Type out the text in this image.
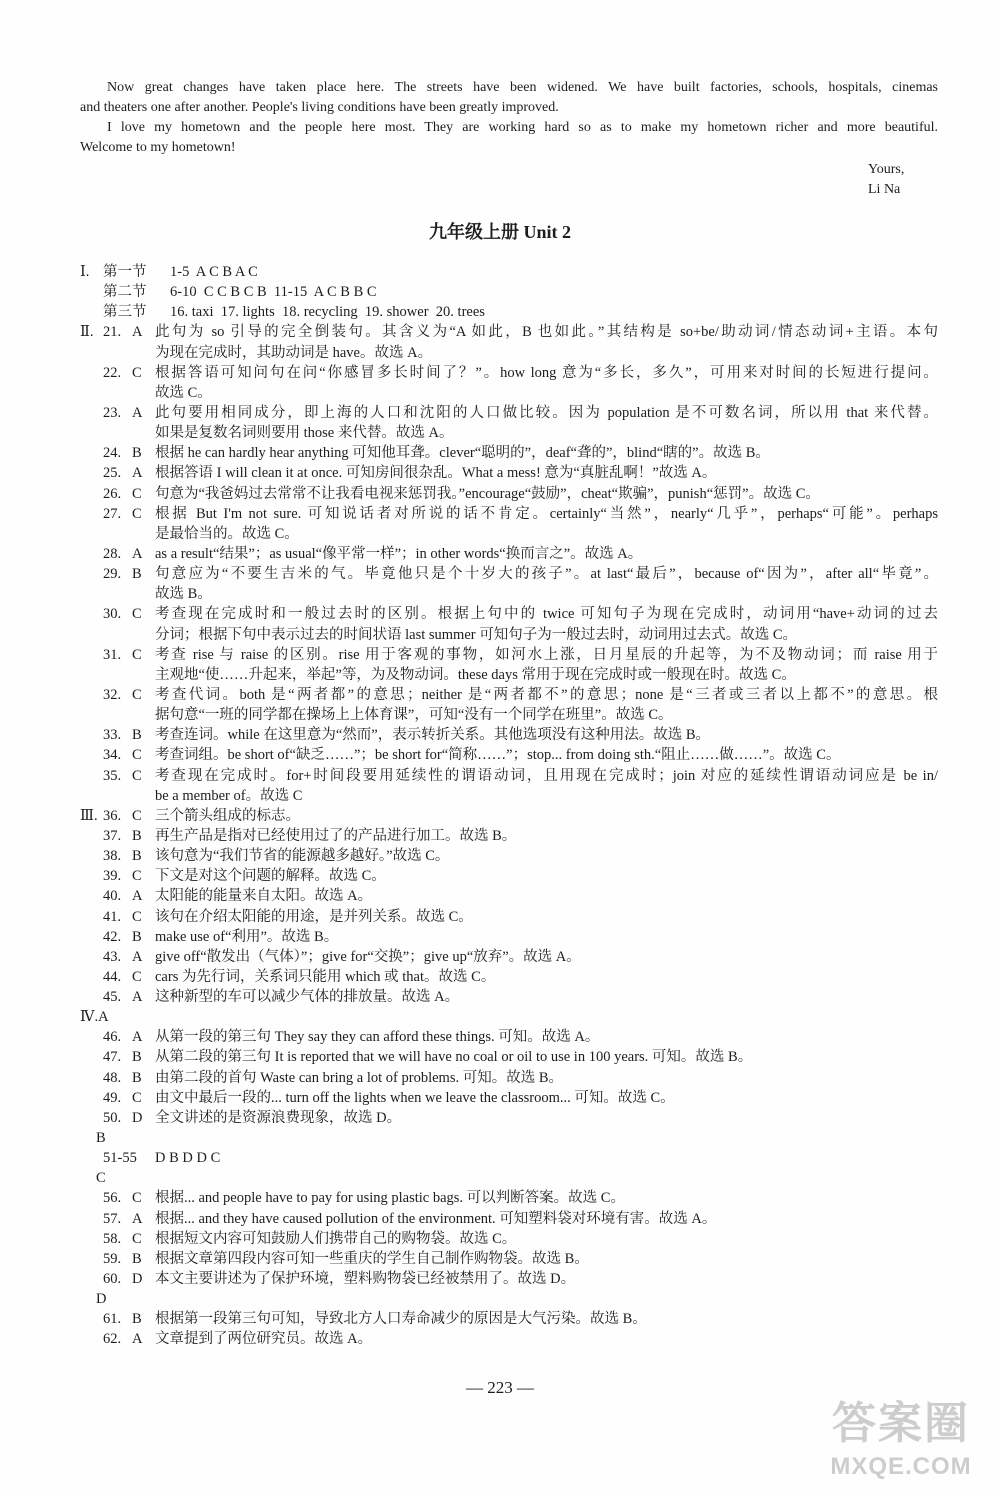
Now great changes have taken place here. The streets have been widened. We have built factories, schools, hospitals, cinemas
and theaters one after another. People's living conditions have been greatly improved.
I love my hometown and the people here most. They are working hard so as to make my hometown richer and more beautiful.
Welcome to my hometown!
Yours,
Li Na
九年级上册 Unit 2
Ⅰ. 第一节 1-5  A C B A C
第二节 6-10  C C B C B  11-15  A C B B C
第三节 16. taxi  17. lights  18. recycling  19. shower  20. trees
Ⅱ. 21. A 此句为 so 引导的完全倒装句。其含义为“A 如此，B 也如此。”其结构是 so+be/助动词/情态动词+主语。本句
为现在完成时，其助动词是 have。故选 A。
22. C 根据答语可知问句在问“你感冒多长时间了？”。how long 意为“多长，多久”，可用来对时间的长短进行提问。
故选 C。
23. A 此句要用相同成分，即上海的人口和沈阳的人口做比较。因为 population 是不可数名词，所以用 that 来代替。
如果是复数名词则要用 those 来代替。故选 A。
24. B 根据 he can hardly hear anything 可知他耳聋。clever“聪明的”，deaf“聋的”，blind“瞎的”。故选 B。
25. A 根据答语 I will clean it at once. 可知房间很杂乱。What a mess! 意为“真脏乱啊！”故选 A。
26. C 句意为“我爸妈过去常常不让我看电视来惩罚我。”encourage“鼓励”，cheat“欺骗”，punish“惩罚”。故选 C。
27. C 根据 But I'm not sure. 可知说话者对所说的话不肯定。certainly“当然”，nearly“几乎”，perhaps“可能”。perhaps
是最恰当的。故选 C。
28. A as a result“结果”；as usual“像平常一样”；in other words“换而言之”。故选 A。
29. B 句意应为“不要生吉米的气。毕竟他只是个十岁大的孩子”。at last“最后”，because of“因为”，after all“毕竟”。
故选 B。
30. C 考查现在完成时和一般过去时的区别。根据上句中的 twice 可知句子为现在完成时，动词用“have+动词的过去
分词；根据下句中表示过去的时间状语 last summer 可知句子为一般过去时，动词用过去式。故选 C。
31. C 考查 rise 与 raise 的区别。rise 用于客观的事物，如河水上涨，日月星辰的升起等，为不及物动词；而 raise 用于
主观地“使……升起来，举起”等，为及物动词。these days 常用于现在完成时或一般现在时。故选 C。
32. C 考查代词。both 是“两者都”的意思；neither 是“两者都不”的意思；none 是“三者或三者以上都不”的意思。根
据句意“一班的同学都在操场上上体育课”，可知“没有一个同学在班里”。故选 C。
33. B 考查连词。while 在这里意为“然而”，表示转折关系。其他选项没有这种用法。故选 B。
34. C 考查词组。be short of“缺乏……”；be short for“简称……”；stop... from doing sth.“阻止……做……”。故选 C。
35. C 考查现在完成时。for+时间段要用延续性的谓语动词，且用现在完成时；join 对应的延续性谓语动词应是 be in/
be a member of。故选 C
Ⅲ. 36. C 三个箭头组成的标志。
37. B 再生产品是指对已经使用过了的产品进行加工。故选 B。
38. B 该句意为“我们节省的能源越多越好。”故选 C。
39. C 下文是对这个问题的解释。故选 C。
40. A 太阳能的能量来自太阳。故选 A。
41. C 该句在介绍太阳能的用途，是并列关系。故选 C。
42. B make use of“利用”。故选 B。
43. A give off“散发出（气体）”；give for“交换”；give up“放弃”。故选 A。
44. C cars 为先行词，关系词只能用 which 或 that。故选 C。
45. A 这种新型的车可以减少气体的排放量。故选 A。
Ⅳ.A
46. A 从第一段的第三句 They say they can afford these things. 可知。故选 A。
47. B 从第二段的第三句 It is reported that we will have no coal or oil to use in 100 years. 可知。故选 B。
48. B 由第二段的首句 Waste can bring a lot of problems. 可知。故选 B。
49. C 由文中最后一段的... turn off the lights when we leave the classroom... 可知。故选 C。
50. D 全文讲述的是资源浪费现象，故选 D。
B
51-55 D B D D C
C
56. C 根据... and people have to pay for using plastic bags. 可以判断答案。故选 C。
57. A 根据... and they have caused pollution of the environment. 可知塑料袋对环境有害。故选 A。
58. C 根据短文内容可知鼓励人们携带自己的购物袋。故选 C。
59. B 根据文章第四段内容可知一些重庆的学生自己制作购物袋。故选 B。
60. D 本文主要讲述为了保护环境，塑料购物袋已经被禁用了。故选 D。
D
61. B 根据第一段第三句可知，导致北方人口寿命减少的原因是大气污染。故选 B。
62. A 文章提到了两位研究员。故选 A。
— 223 —
答案圈
MXQE.COM
